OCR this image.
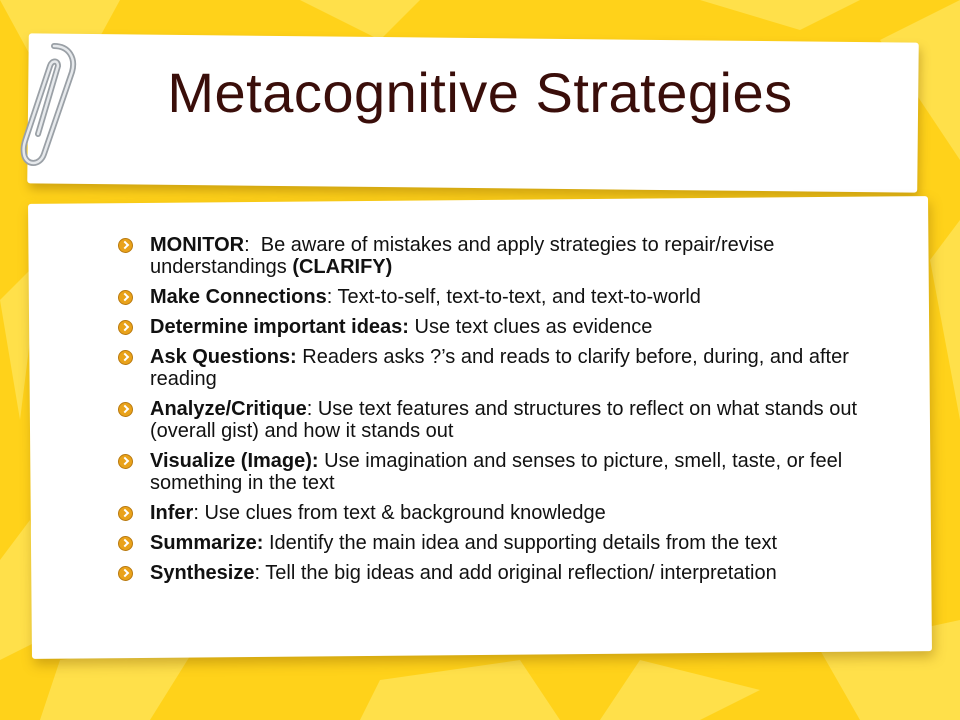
Metacognitive Strategies
MONITOR:  Be aware of mistakes and apply strategies to repair/revise understandings (CLARIFY)
Make Connections: Text-to-self, text-to-text, and text-to-world
Determine important ideas: Use text clues as evidence
Ask Questions: Readers asks ?’s and reads to clarify before, during, and after reading
Analyze/Critique: Use text features and structures to reflect on what stands out (overall gist) and how it stands out
Visualize (Image): Use imagination and senses to picture, smell, taste, or feel something in the text
Infer: Use clues from text & background knowledge
Summarize: Identify the main idea and supporting details from the text
Synthesize: Tell the big ideas and add original reflection/ interpretation
